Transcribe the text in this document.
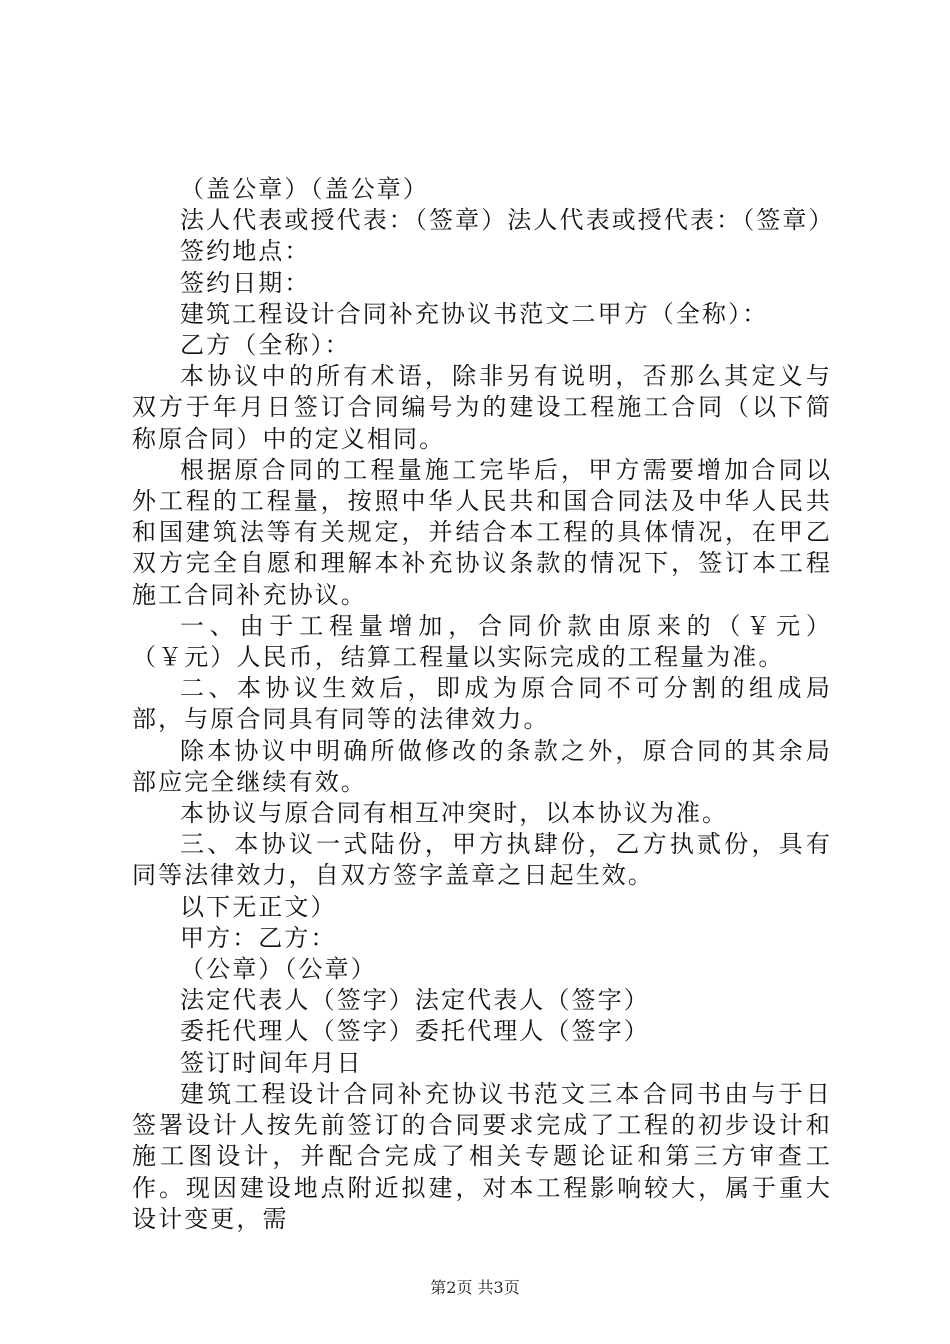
（盖公章）（盖公章）

法人代表或授代表：（签章）法人代表或授代表：（签章）

签约地点：

签约日期：

建筑工程设计合同补充协议书范文二甲方（全称）：

乙方（全称）：

本协议中的所有术语，除非另有说明，否那么其定义与双方于年月日签订合同编号为的建设工程施工合同（以下简称原合同）中的定义相同。

根据原合同的工程量施工完毕后，甲方需要增加合同以外工程的工程量，按照中华人民共和国合同法及中华人民共和国建筑法等有关规定，并结合本工程的具体情况，在甲乙双方完全自愿和理解本补充协议条款的情况下，签订本工程施工合同补充协议。

一、由于工程量增加，合同价款由原来的（￥元）（￥元）人民币，结算工程量以实际完成的工程量为准。

二、本协议生效后，即成为原合同不可分割的组成局部，与原合同具有同等的法律效力。

除本协议中明确所做修改的条款之外，原合同的其余局部应完全继续有效。

本协议与原合同有相互冲突时，以本协议为准。

三、本协议一式陆份，甲方执肆份，乙方执贰份，具有同等法律效力，自双方签字盖章之日起生效。

以下无正文）

甲方：乙方：

（公章）（公章）

法定代表人（签字）法定代表人（签字）

委托代理人（签字）委托代理人（签字）

签订时间年月日

建筑工程设计合同补充协议书范文三本合同书由与于日签署设计人按先前签订的合同要求完成了工程的初步设计和施工图设计，并配合完成了相关专题论证和第三方审查工作。现因建设地点附近拟建，对本工程影响较大，属于重大设计变更，需

第2页 共3页
